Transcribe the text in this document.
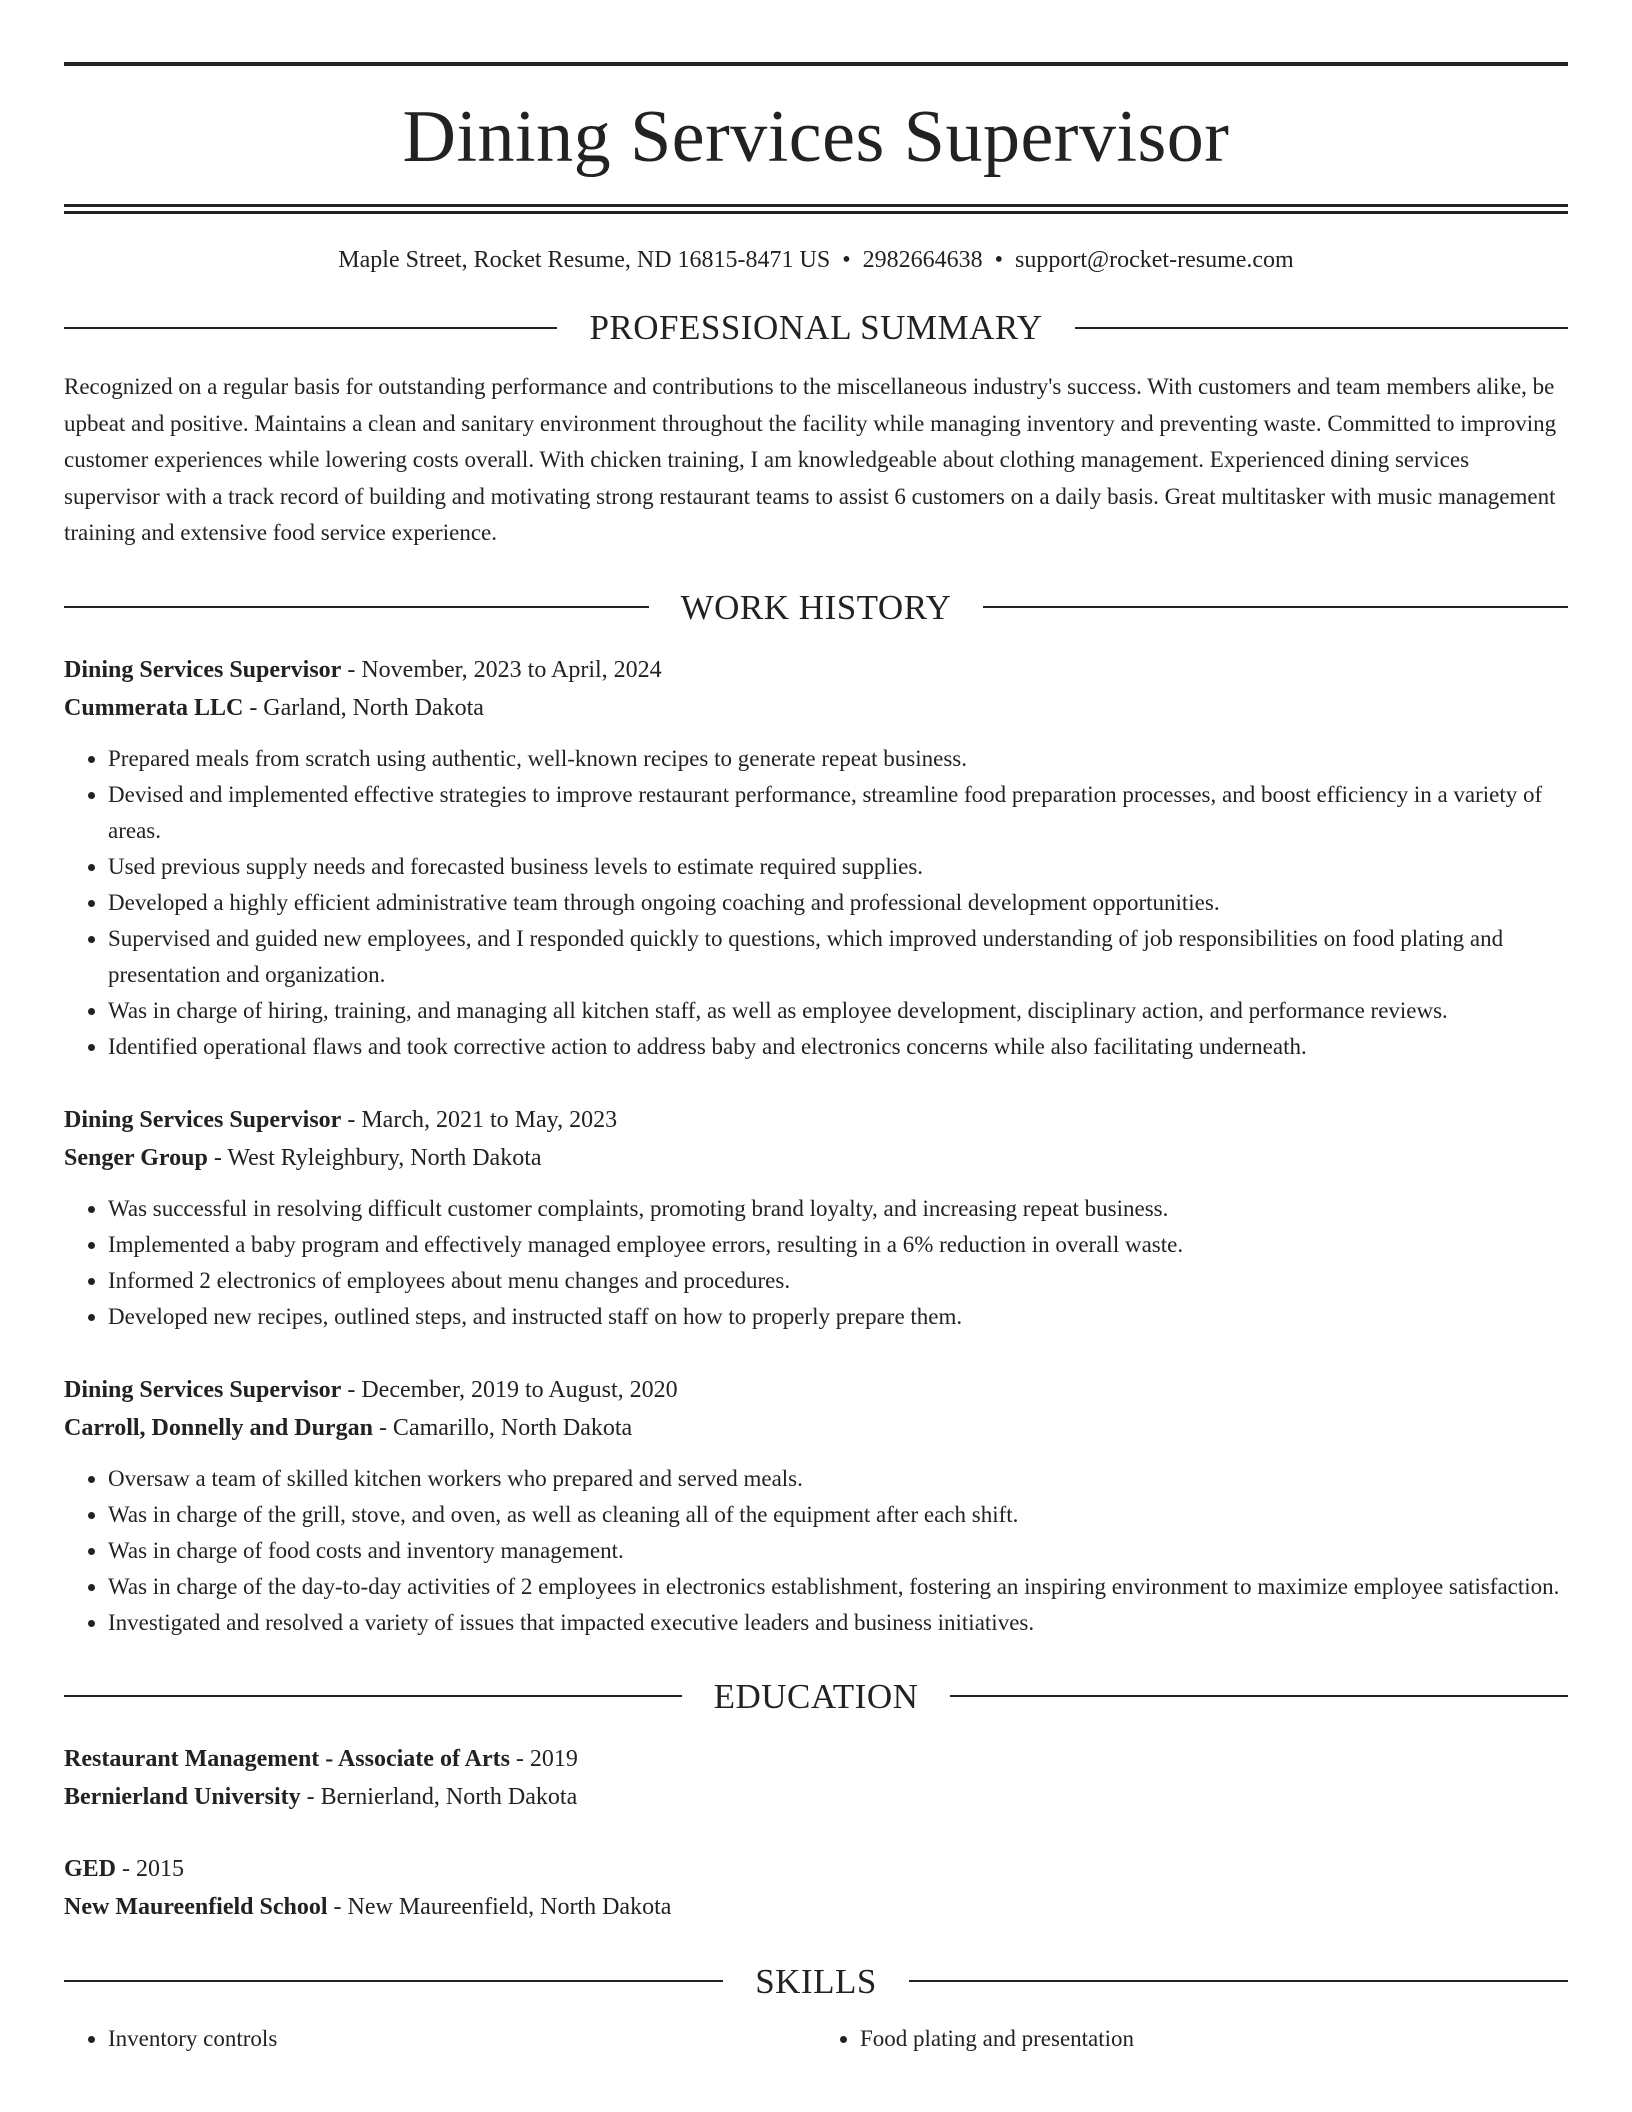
Dining Services Supervisor
Maple Street, Rocket Resume, ND 16815-8471 US • 2982664638 • support@rocket-resume.com
PROFESSIONAL SUMMARY
Recognized on a regular basis for outstanding performance and contributions to the miscellaneous industry's success. With customers and team members alike, be upbeat and positive. Maintains a clean and sanitary environment throughout the facility while managing inventory and preventing waste. Committed to improving customer experiences while lowering costs overall. With chicken training, I am knowledgeable about clothing management. Experienced dining services supervisor with a track record of building and motivating strong restaurant teams to assist 6 customers on a daily basis. Great multitasker with music management training and extensive food service experience.
WORK HISTORY
Dining Services Supervisor - November, 2023 to April, 2024
Cummerata LLC - Garland, North Dakota
• Prepared meals from scratch using authentic, well-known recipes to generate repeat business.
• Devised and implemented effective strategies to improve restaurant performance, streamline food preparation processes, and boost efficiency in a variety of areas.
• Used previous supply needs and forecasted business levels to estimate required supplies.
• Developed a highly efficient administrative team through ongoing coaching and professional development opportunities.
• Supervised and guided new employees, and I responded quickly to questions, which improved understanding of job responsibilities on food plating and presentation and organization.
• Was in charge of hiring, training, and managing all kitchen staff, as well as employee development, disciplinary action, and performance reviews.
• Identified operational flaws and took corrective action to address baby and electronics concerns while also facilitating underneath.
Dining Services Supervisor - March, 2021 to May, 2023
Senger Group - West Ryleighbury, North Dakota
• Was successful in resolving difficult customer complaints, promoting brand loyalty, and increasing repeat business.
• Implemented a baby program and effectively managed employee errors, resulting in a 6% reduction in overall waste.
• Informed 2 electronics of employees about menu changes and procedures.
• Developed new recipes, outlined steps, and instructed staff on how to properly prepare them.
Dining Services Supervisor - December, 2019 to August, 2020
Carroll, Donnelly and Durgan - Camarillo, North Dakota
• Oversaw a team of skilled kitchen workers who prepared and served meals.
• Was in charge of the grill, stove, and oven, as well as cleaning all of the equipment after each shift.
• Was in charge of food costs and inventory management.
• Was in charge of the day-to-day activities of 2 employees in electronics establishment, fostering an inspiring environment to maximize employee satisfaction.
• Investigated and resolved a variety of issues that impacted executive leaders and business initiatives.
EDUCATION
Restaurant Management - Associate of Arts - 2019
Bernierland University - Bernierland, North Dakota
GED - 2015
New Maureenfield School - New Maureenfield, North Dakota
SKILLS
• Inventory controls
•	Food plating and presentation
